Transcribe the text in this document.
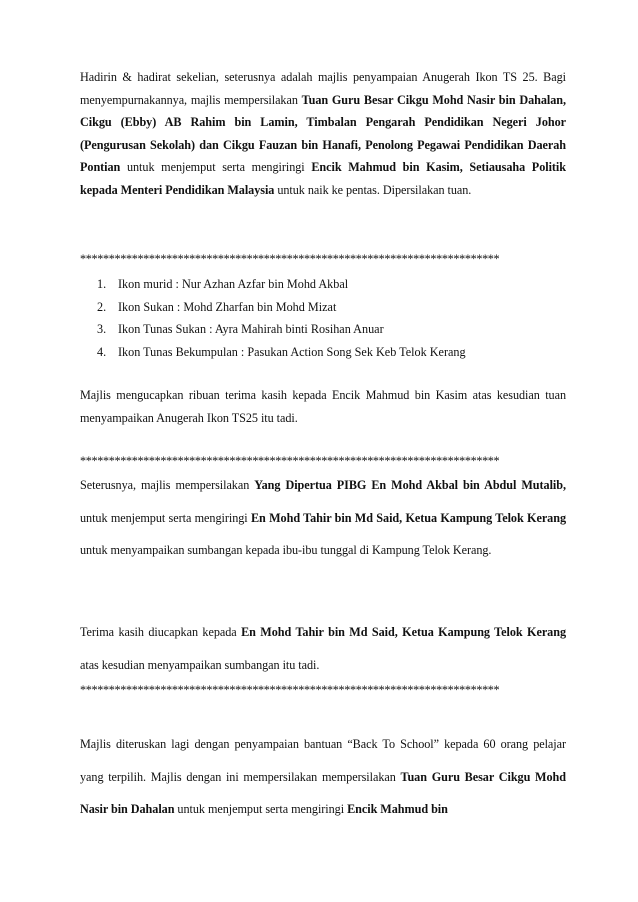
Hadirin & hadirat sekelian, seterusnya adalah majlis penyampaian Anugerah Ikon TS 25. Bagi menyempurnakannya, majlis mempersilakan Tuan Guru Besar Cikgu Mohd Nasir bin Dahalan, Cikgu (Ebby) AB Rahim bin Lamin, Timbalan Pengarah Pendidikan Negeri Johor (Pengurusan Sekolah) dan Cikgu Fauzan bin Hanafi, Penolong Pegawai Pendidikan Daerah Pontian untuk menjemput serta mengiringi Encik Mahmud bin Kasim, Setiausaha Politik kepada Menteri Pendidikan Malaysia untuk naik ke pentas. Dipersilakan tuan.

*************************************************************************
1. Ikon murid : Nur Azhan Azfar bin Mohd Akbal
2. Ikon Sukan : Mohd Zharfan bin Mohd Mizat
3. Ikon Tunas Sukan : Ayra Mahirah binti Rosihan Anuar
4. Ikon Tunas Bekumpulan : Pasukan Action Song Sek Keb Telok Kerang

Majlis mengucapkan ribuan terima kasih kepada Encik Mahmud bin Kasim atas kesudian tuan menyampaikan Anugerah Ikon TS25 itu tadi.

*************************************************************************

Seterusnya, majlis mempersilakan Yang Dipertua PIBG En Mohd Akbal bin Abdul Mutalib, untuk menjemput serta mengiringi En Mohd Tahir bin Md Said, Ketua Kampung Telok Kerang untuk menyampaikan sumbangan kepada ibu-ibu tunggal di Kampung Telok Kerang.

Terima kasih diucapkan kepada En Mohd Tahir bin Md Said, Ketua Kampung Telok Kerang atas kesudian menyampaikan sumbangan itu tadi.

*************************************************************************

Majlis diteruskan lagi dengan penyampaian bantuan “Back To School” kepada 60 orang pelajar yang terpilih. Majlis dengan ini mempersilakan mempersilakan Tuan Guru Besar Cikgu Mohd Nasir bin Dahalan untuk menjemput serta mengiringi Encik Mahmud bin
